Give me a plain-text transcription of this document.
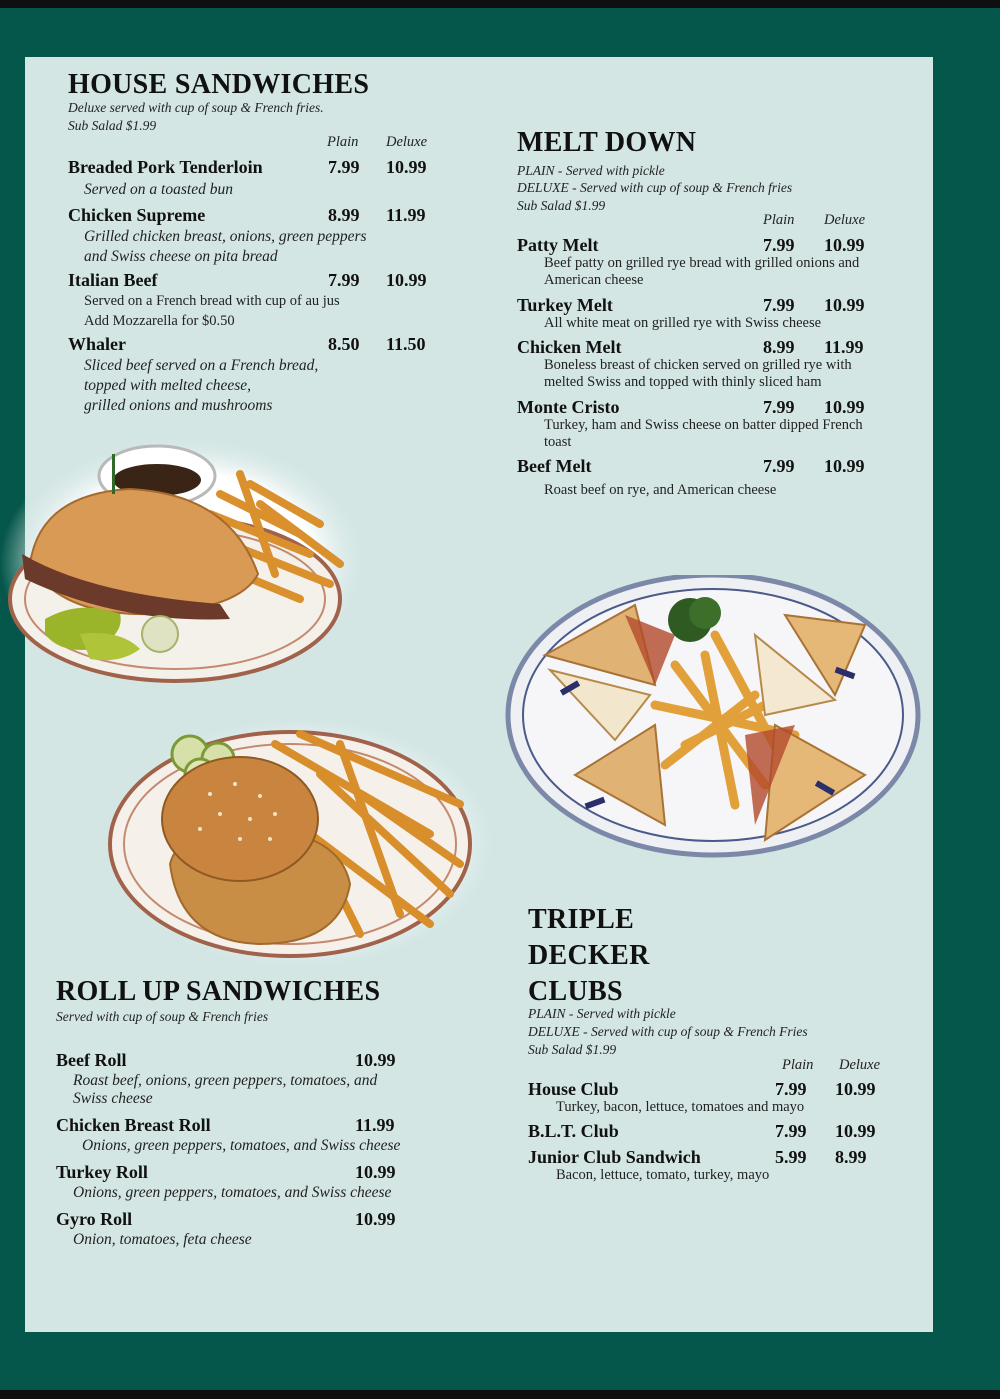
HOUSE SANDWICHES
Deluxe served with cup of soup & French fries.
Sub Salad $1.99
Plain Deluxe
Breaded Pork Tenderloin	7.99 10.99
Served on a toasted bun
Chicken Supreme	8.99 11.99
Grilled chicken breast, onions, green peppers
and Swiss cheese on pita bread
Italian Beef	7.99 10.99
Served on a French bread with cup of au jus
Add Mozzarella for $0.50
Whaler	8.50 11.50
Sliced beef served on a French bread,
topped with melted cheese,
grilled onions and mushrooms
MELT DOWN
PLAIN - Served with pickle
DELUXE - Served with cup of soup & French fries
Sub Salad $1.99
Plain Deluxe
Patty Melt	7.99 10.99
Beef patty on grilled rye bread with grilled onions and
American cheese
Turkey Melt	7.99 10.99
All white meat on grilled rye with Swiss cheese
Chicken Melt	8.99 11.99
Boneless breast of chicken served on grilled rye with
melted Swiss and topped with thinly sliced ham
Monte Cristo	7.99 10.99
Turkey, ham and Swiss cheese on batter dipped French
toast
Beef Melt	7.99 10.99
Roast beef on rye, and American cheese
ROLL UP SANDWICHES
Served with cup of soup & French fries
Beef Roll	10.99
Roast beef, onions, green peppers, tomatoes, and
Swiss cheese
Chicken Breast Roll	11.99
Onions, green peppers, tomatoes, and Swiss cheese
Turkey Roll	10.99
Onions, green peppers, tomatoes, and Swiss cheese
Gyro Roll	10.99
Onion, tomatoes, feta cheese
TRIPLE
DECKER
CLUBS
PLAIN - Served with pickle
DELUXE - Served with cup of soup & French Fries
Sub Salad $1.99
Plain Deluxe
House Club	7.99 10.99
Turkey, bacon, lettuce, tomatoes and mayo
B.L.T. Club	7.99 10.99
Junior Club Sandwich	5.99 8.99
Bacon, lettuce, tomato, turkey, mayo
